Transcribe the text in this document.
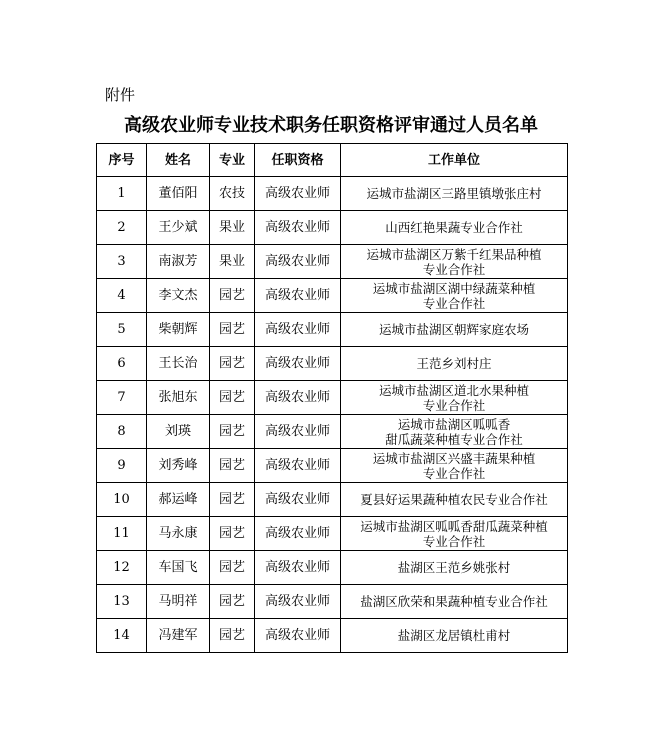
附件
高级农业师专业技术职务任职资格评审通过人员名单
序号	姓名	专业	任职资格	工作单位
1	董佰阳	农技	高级农业师	运城市盐湖区三路里镇墩张庄村

2	王少斌	果业	高级农业师	山西红艳果蔬专业合作社

3	南淑芳	果业	高级农业师	运城市盐湖区万紫千红果品种植
专业合作社

4	李文杰	园艺	高级农业师	运城市盐湖区湖中绿蔬菜种植
专业合作社

5	柴朝辉	园艺	高级农业师	运城市盐湖区朝辉家庭农场

6	王长治	园艺	高级农业师	王范乡刘村庄

7	张旭东	园艺	高级农业师	运城市盐湖区道北水果种植
专业合作社

8	刘瑛	园艺	高级农业师	运城市盐湖区呱呱香
甜瓜蔬菜种植专业合作社

9	刘秀峰	园艺	高级农业师	运城市盐湖区兴盛丰蔬果种植
专业合作社

10	郝运峰	园艺	高级农业师	夏县好运果蔬种植农民专业合作社

11	马永康	园艺	高级农业师	运城市盐湖区呱呱香甜瓜蔬菜种植
专业合作社

12	车国飞	园艺	高级农业师	盐湖区王范乡姚张村

13	马明祥	园艺	高级农业师	盐湖区欣荣和果蔬种植专业合作社

14	冯建军	园艺	高级农业师	盐湖区龙居镇杜甫村
